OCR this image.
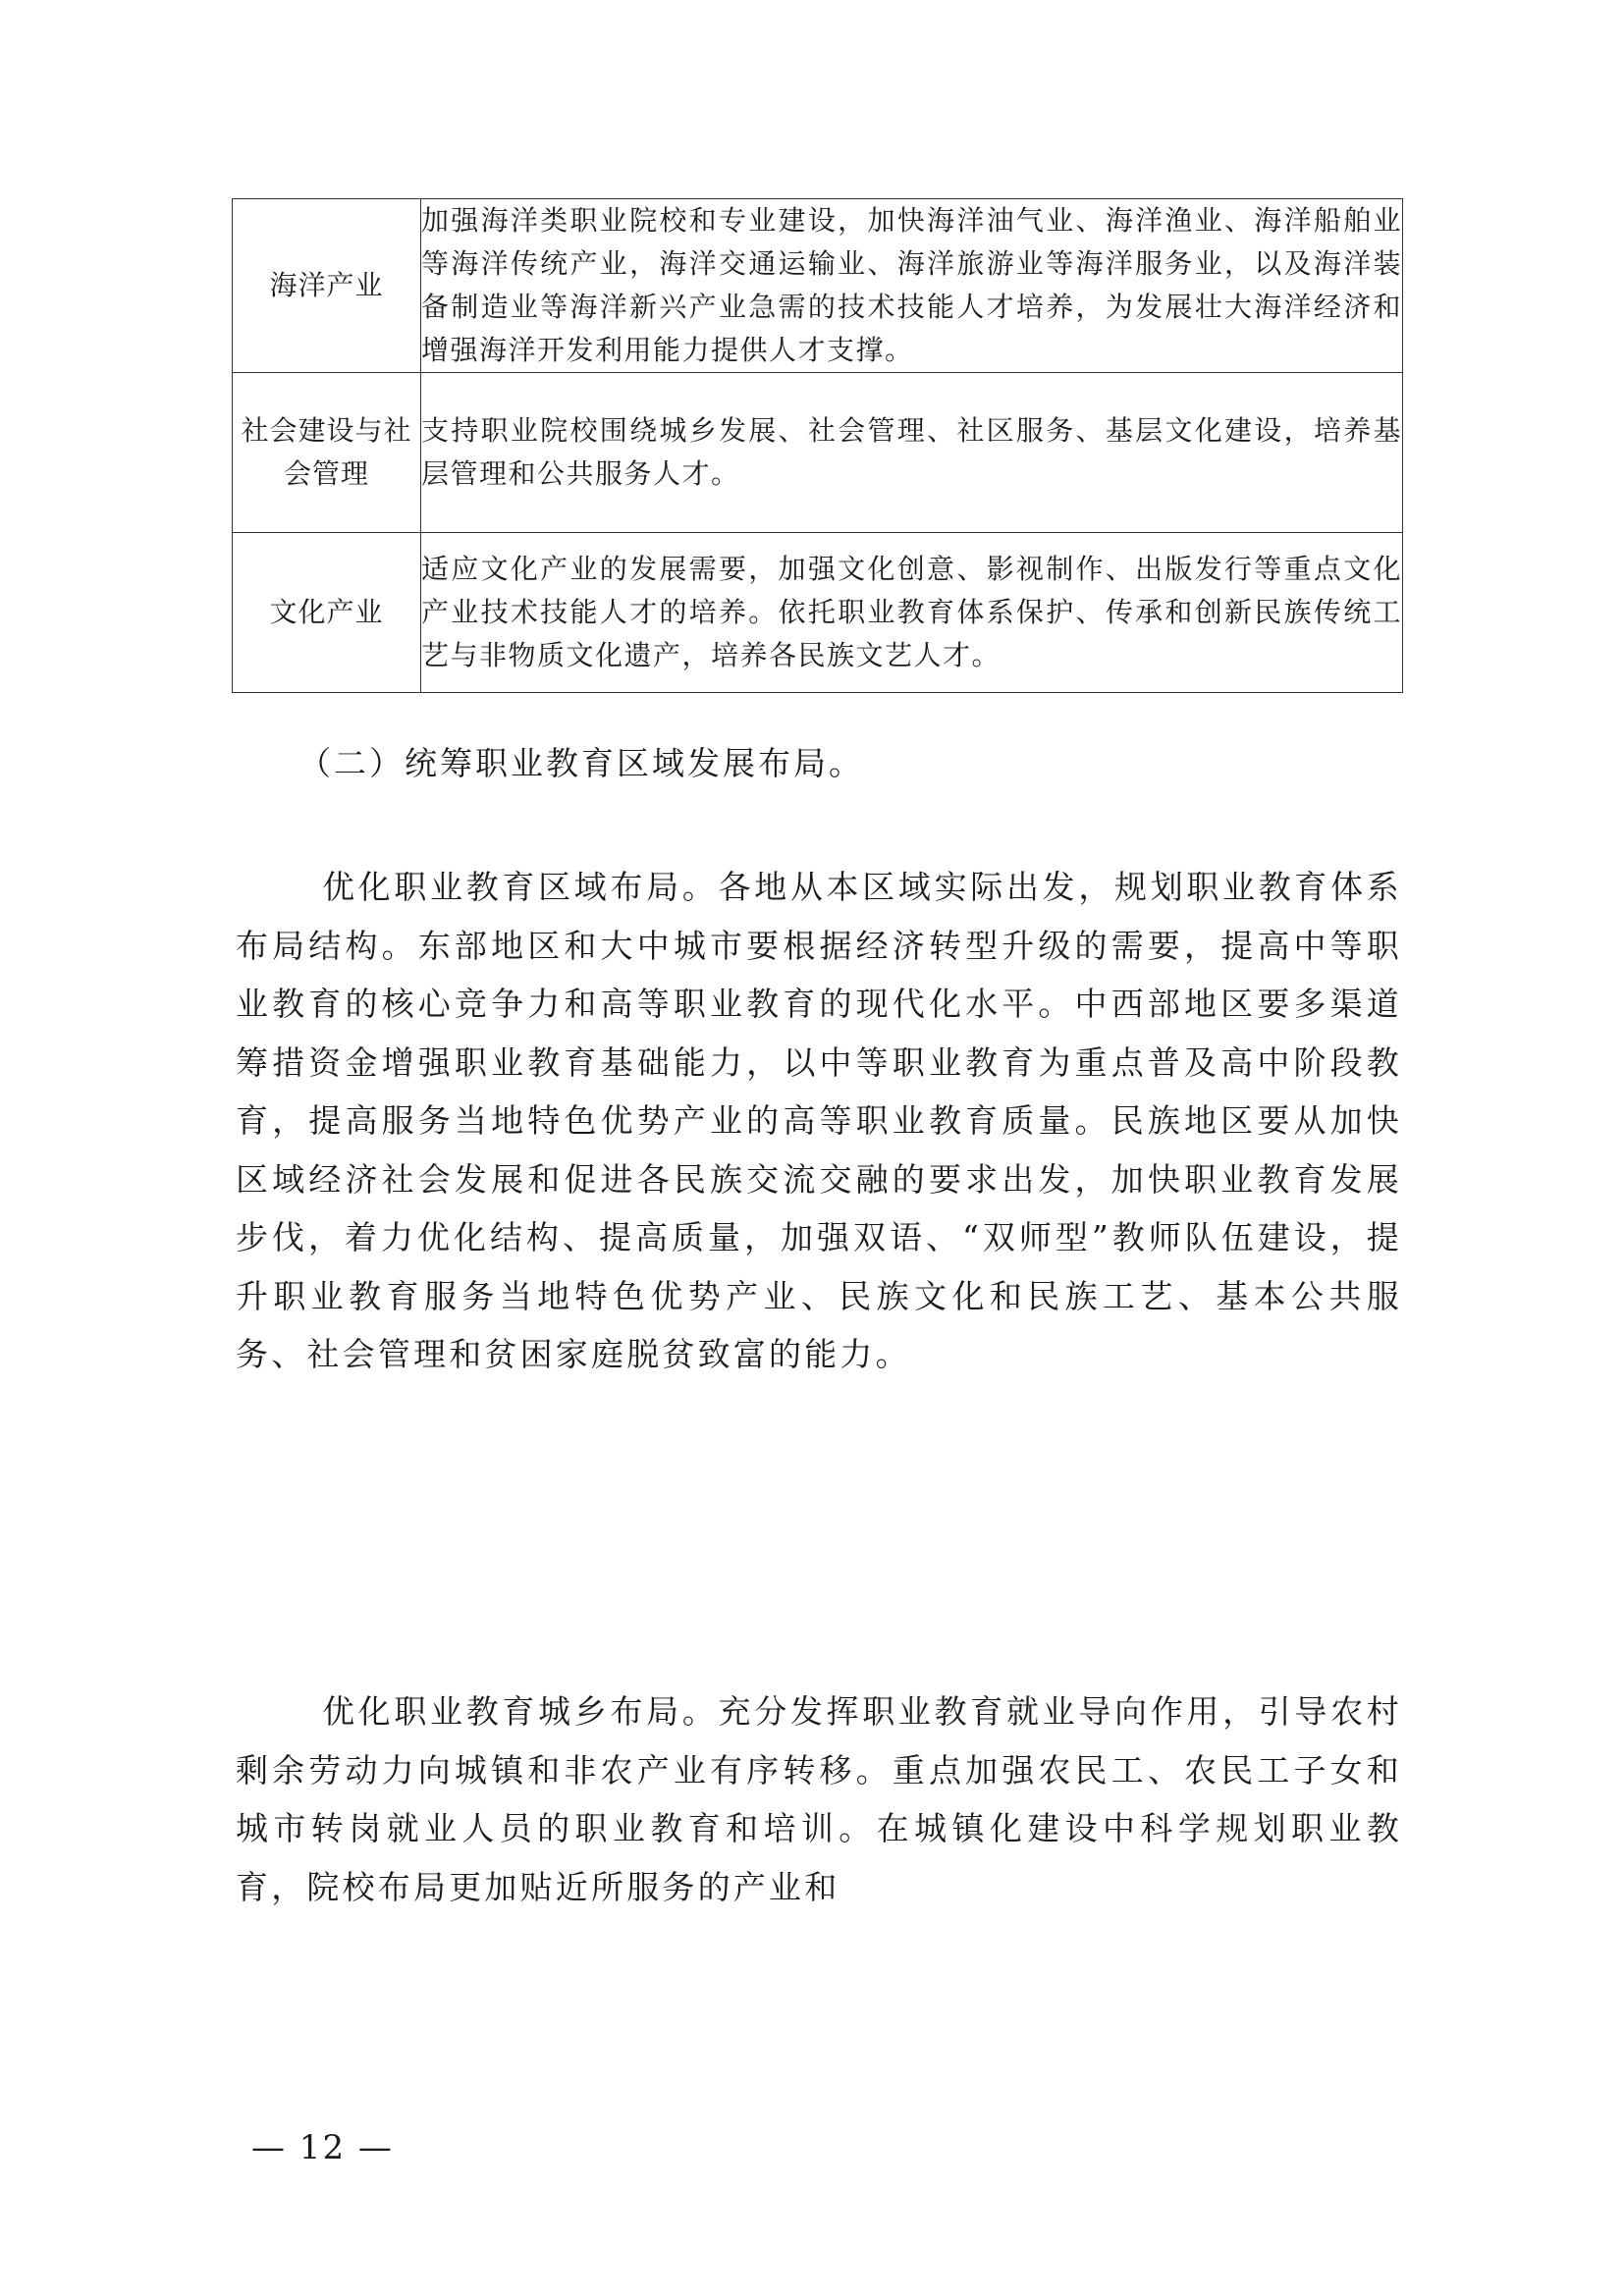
海洋产业	加强海洋类职业院校和专业建设，加快海洋油气业、海洋渔业、海洋船舶业等海洋传统产业，海洋交通运输业、海洋旅游业等海洋服务业，以及海洋装备制造业等海洋新兴产业急需的技术技能人才培养，为发展壮大海洋经济和增强海洋开发利用能力提供人才支撑。
社会建设与社会管理	支持职业院校围绕城乡发展、社会管理、社区服务、基层文化建设，培养基层管理和公共服务人才。
文化产业	适应文化产业的发展需要，加强文化创意、影视制作、出版发行等重点文化产业技术技能人才的培养。依托职业教育体系保护、传承和创新民族传统工艺与非物质文化遗产，培养各民族文艺人才。
（二）统筹职业教育区域发展布局。

优化职业教育区域布局。各地从本区域实际出发，规划职业教育体系布局结构。东部地区和大中城市要根据经济转型升级的需要，提高中等职业教育的核心竞争力和高等职业教育的现代化水平。中西部地区要多渠道筹措资金增强职业教育基础能力，以中等职业教育为重点普及高中阶段教育，提高服务当地特色优势产业的高等职业教育质量。民族地区要从加快区域经济社会发展和促进各民族交流交融的要求出发，加快职业教育发展步伐，着力优化结构、提高质量，加强双语、“双师型”教师队伍建设，提升职业教育服务当地特色优势产业、民族文化和民族工艺、基本公共服务、社会管理和贫困家庭脱贫致富的能力。

优化职业教育城乡布局。充分发挥职业教育就业导向作用，引导农村剩余劳动力向城镇和非农产业有序转移。重点加强农民工、农民工子女和城市转岗就业人员的职业教育和培训。在城镇化建设中科学规划职业教育，院校布局更加贴近所服务的产业和

— 12 —
